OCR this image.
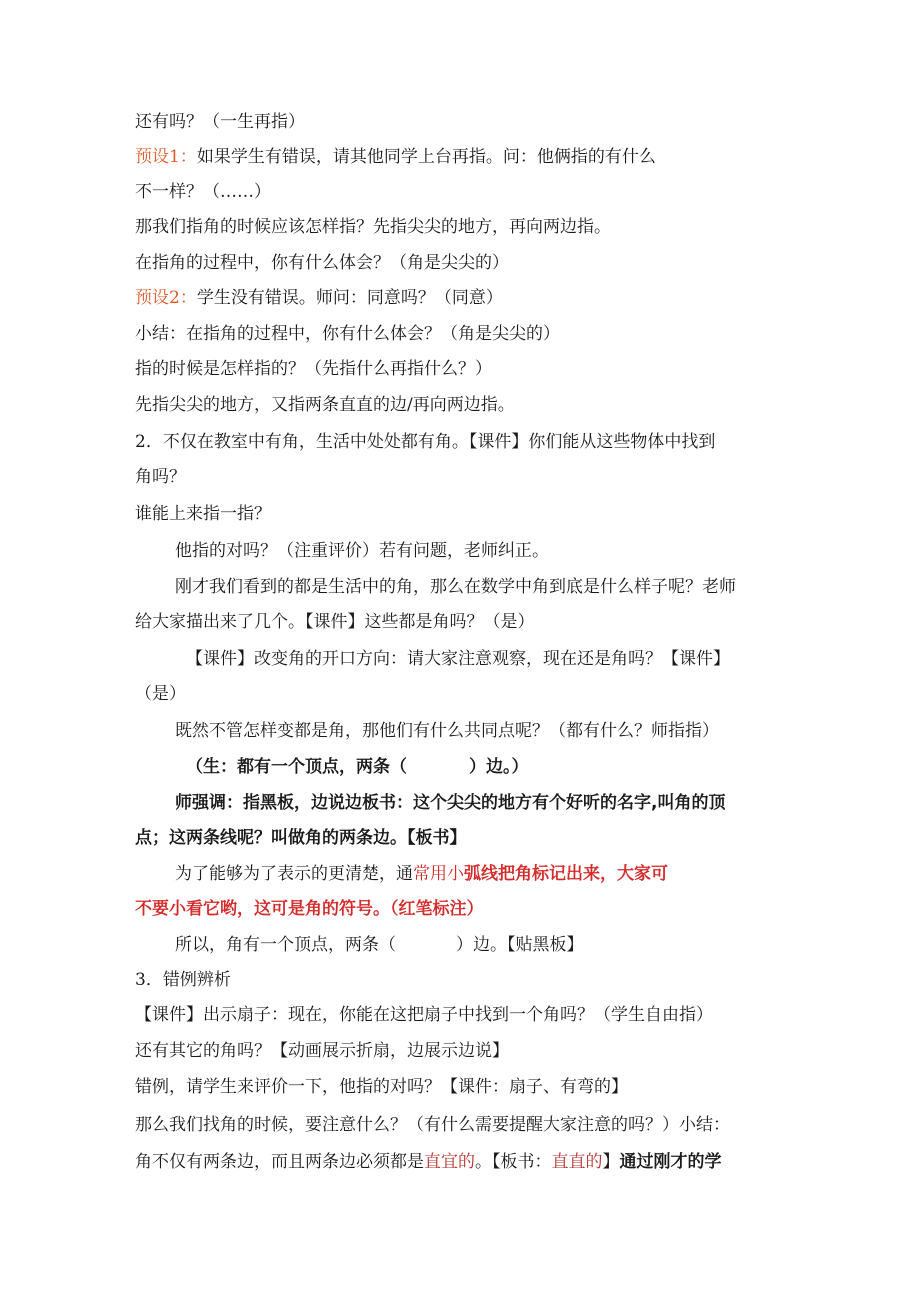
还有吗？（一生再指）
预设1：如果学生有错误，请其他同学上台再指。问：他俩指的有什么
不一样？（……）
那我们指角的时候应该怎样指？先指尖尖的地方，再向两边指。
在指角的过程中，你有什么体会？（角是尖尖的）
预设2：学生没有错误。师问：同意吗？（同意）
小结：在指角的过程中，你有什么体会？（角是尖尖的）
指的时候是怎样指的？（先指什么再指什么？）
先指尖尖的地方，又指两条直直的边/再向两边指。
2．不仅在教室中有角，生活中处处都有角。【课件】你们能从这些物体中找到
角吗？
谁能上来指一指？
他指的对吗？（注重评价）若有问题，老师纠正。
刚才我们看到的都是生活中的角，那么在数学中角到底是什么样子呢？老师
给大家描出来了几个。【课件】这些都是角吗？（是）
【课件】改变角的开口方向：请大家注意观察，现在还是角吗？【课件】
（是）
既然不管怎样变都是角，那他们有什么共同点呢？（都有什么？师指指）
（生：都有一个顶点，两条（	）边。）
师强调：指黑板，边说边板书：这个尖尖的地方有个好听的名字,叫角的顶
点；这两条线呢？叫做角的两条边。【板书】
为了能够为了表示的更清楚，通常用小弧线把角标记出来，大家可
不要小看它哟，这可是角的符号。（红笔标注）
所以，角有一个顶点，两条（	）边。【贴黑板】
3．错例辨析
【课件】出示扇子：现在，你能在这把扇子中找到一个角吗？（学生自由指）
还有其它的角吗？【动画展示折扇，边展示边说】
错例，请学生来评价一下，他指的对吗？【课件：扇子、有弯的】
那么我们找角的时候，要注意什么？（有什么需要提醒大家注意的吗？）小结：
角不仅有两条边，而且两条边必须都是直宜的。【板书：直直的】通过刚才的学
